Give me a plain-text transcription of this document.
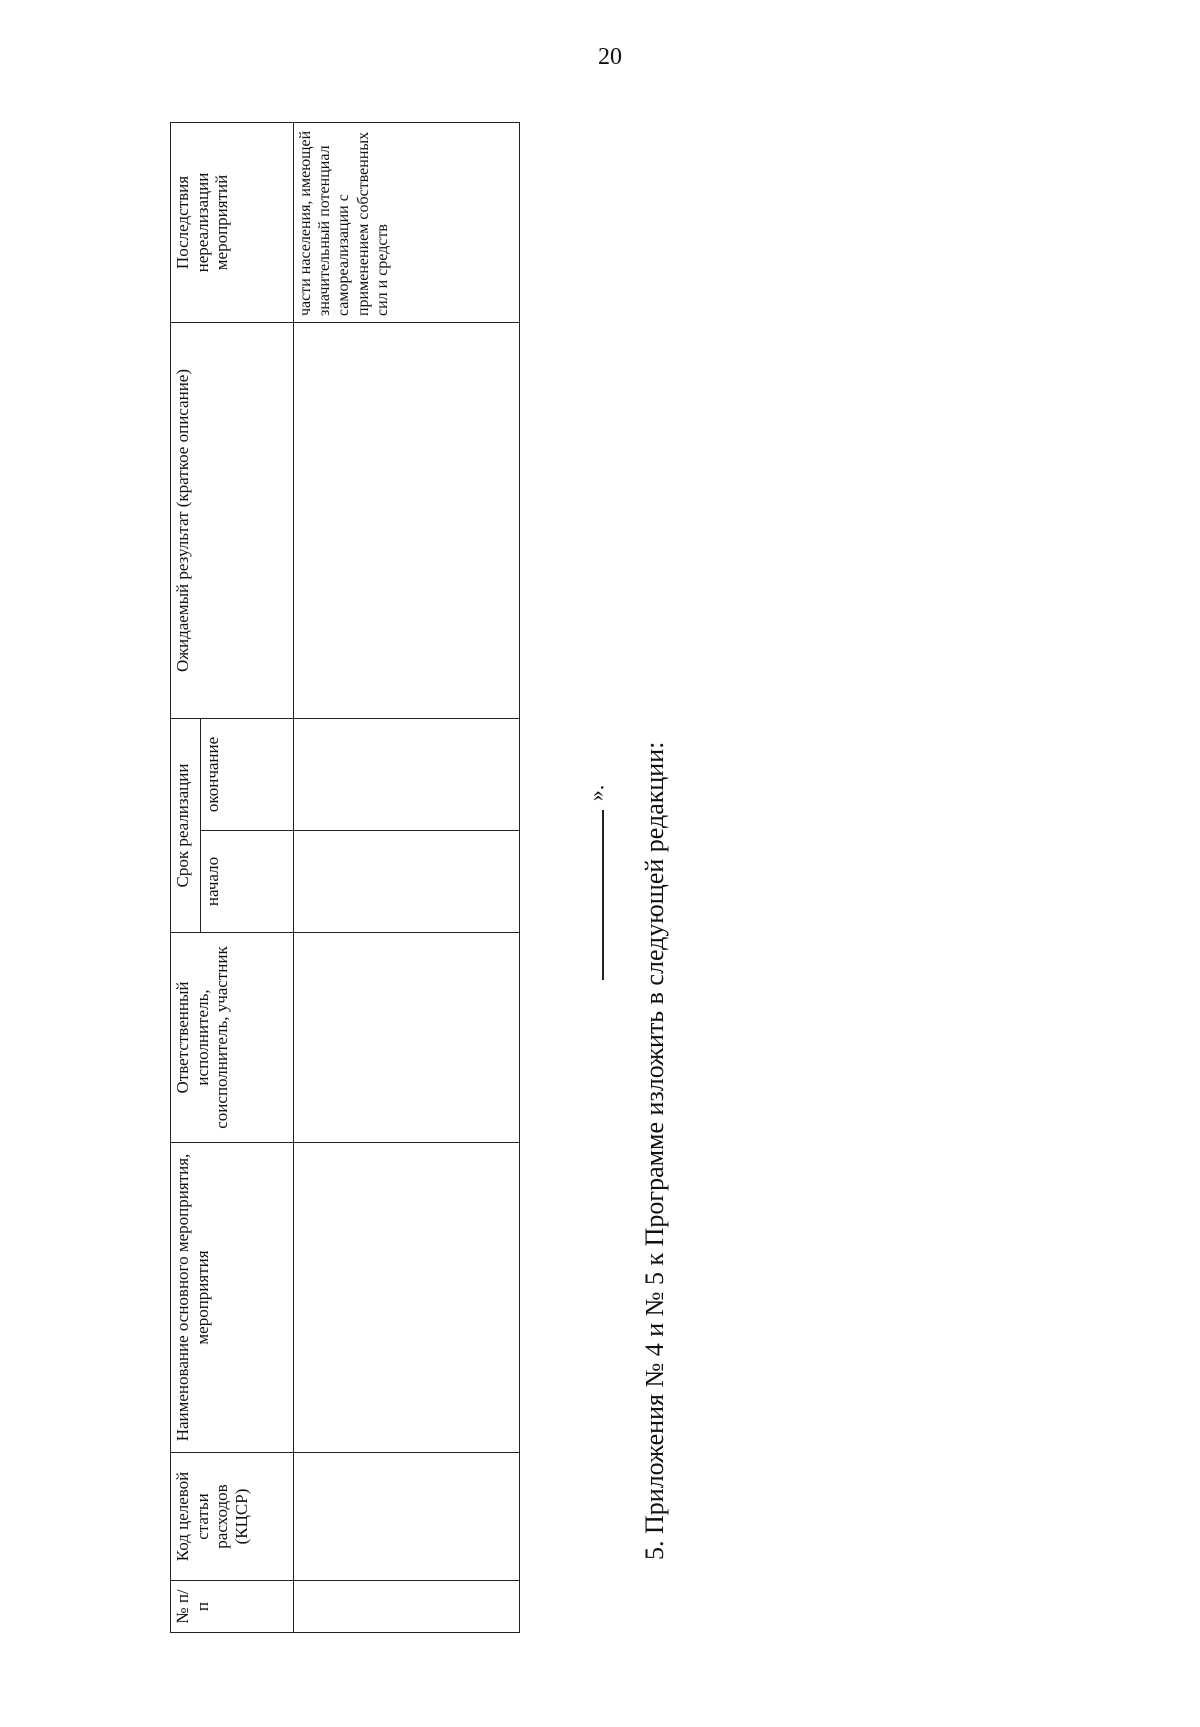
20
№ п/п	Код целевой статьи расходов (КЦСР)	Наименование основного мероприятия, мероприятия	Ответственный исполнитель, соисполнитель, участник	Срок реализации		Ожидаемый результат (краткое описание)	Последствия нереализации мероприятий
				начало	окончание		
							части населения, имеющей значительный потенциал самореализации с применением собственных сил и средств
». 5. Приложения № 4 и № 5 к Программе изложить в следующей редакции:
